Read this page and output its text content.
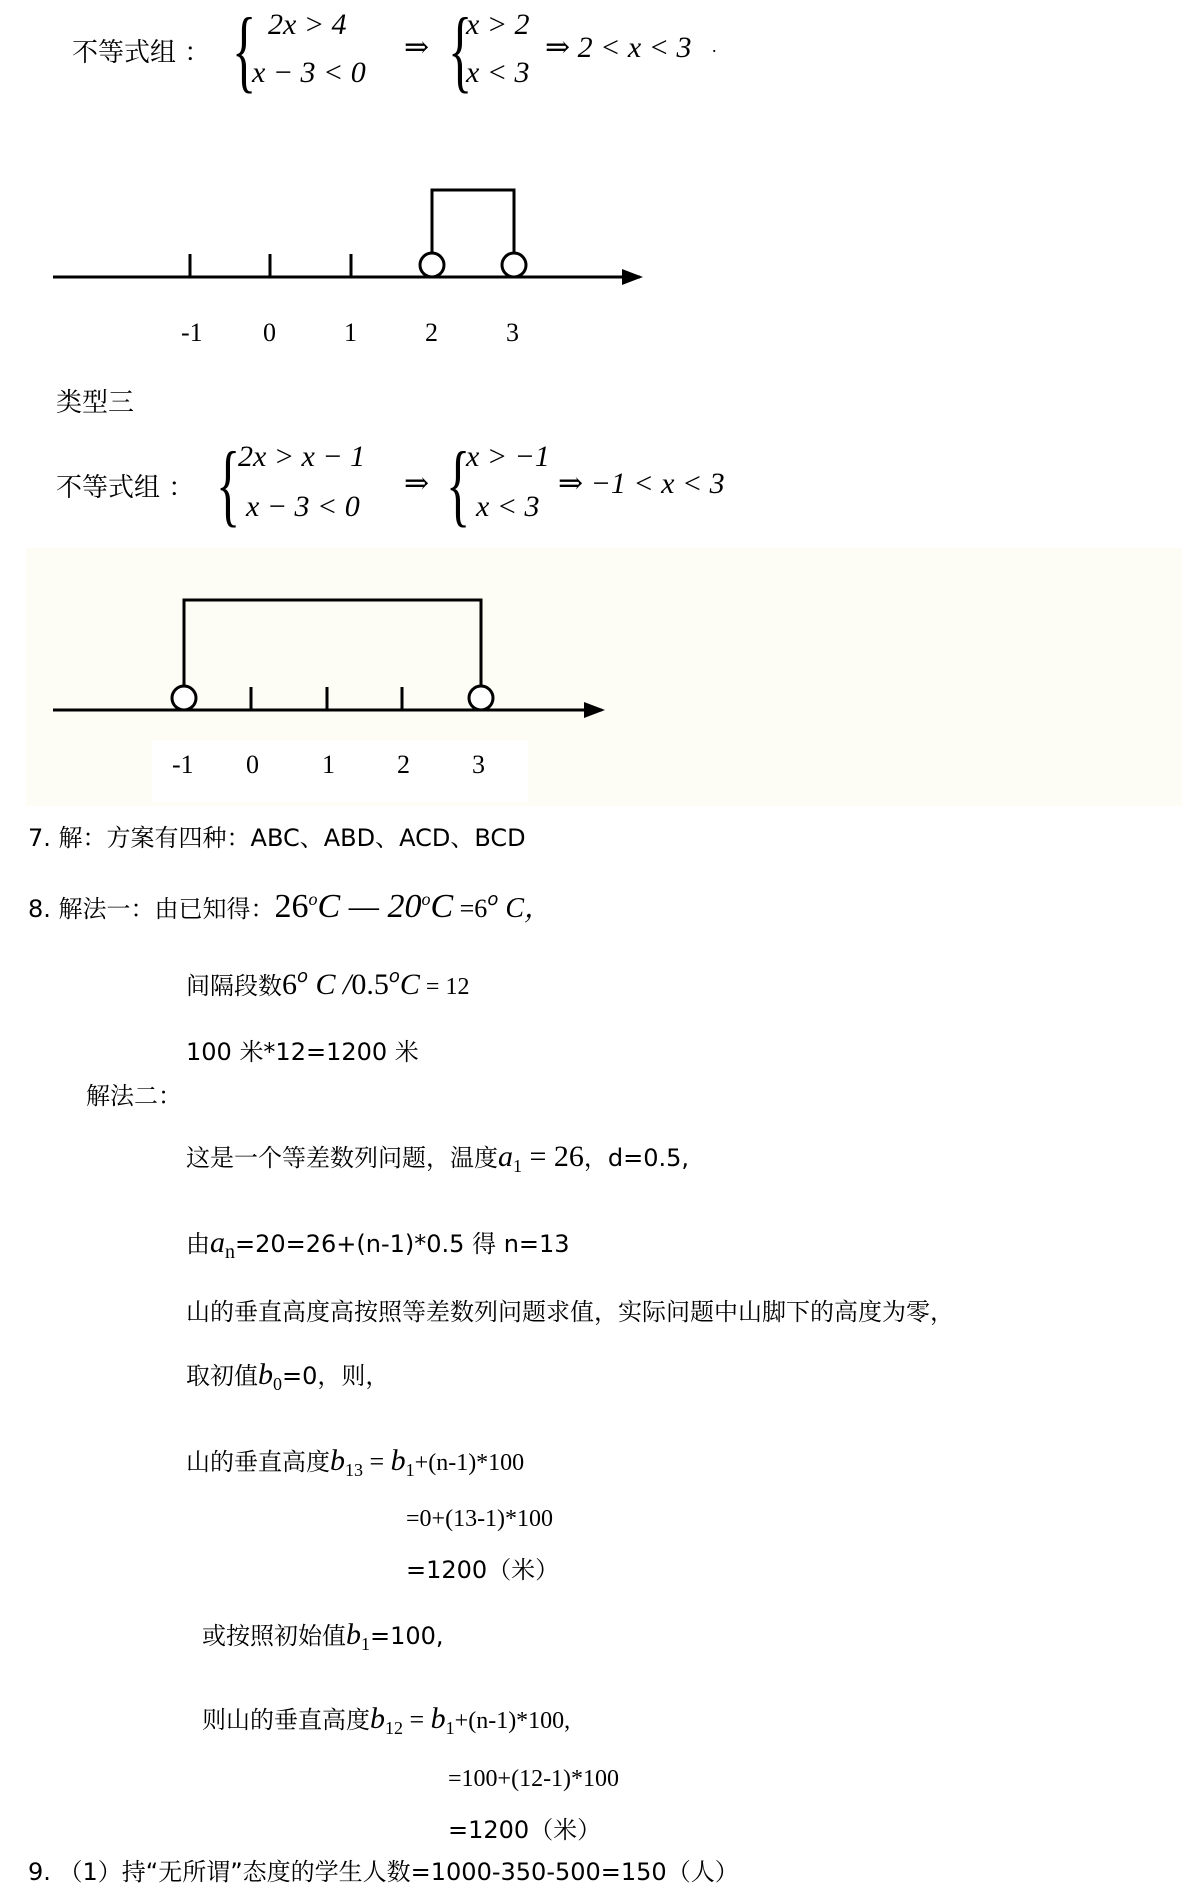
不等式组 ： { 2x > 4
x − 3 < 0
⇒ {
x > 2
x < 3
⇒ 2 < x < 3 .
-1 0	1	2	3
类型三
不等式组 ： {
2x > x − 1
x − 3 < 0
⇒ {
x > −1
x < 3
⇒ −1 < x < 3
-1 0 1 2 3
7. 解：方案有四种：ABC、ABD、ACD、BCD
8. 解法一：由已知得：26$^o$C — $20^oC =6^o$ C，
间隔段数6$^o$ C $/0.5^oC = 12$
100 米*12=1200 米
解法二：
这是一个等差数列问题，温度$a_1 = 26$，d=0.5,
由$a_n=20=26+(n-1)*0.5$ 得 n=13
山的垂直高度高按照等差数列问题求值，实际问题中山脚下的高度为零，
取初值$b_0=0$，则，
山的垂直高度$b_{13} = b_1+(n-1)*100$
=0+(13-1)*100
=1200（米）
或按照初始值$b_1=100$,
则山的垂直高度$b_{12} = b_1+(n-1)*100$,
=100+(12-1)*100
=1200（米）
9. （1）持“无所谓”态度的学生人数=1000-350-500=150（人）
